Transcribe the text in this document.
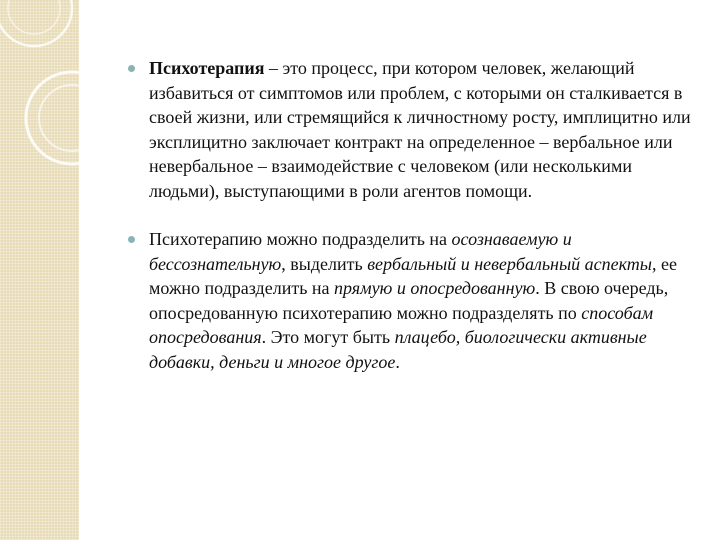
Психотерапия – это процесс, при котором человек, желающий избавиться от симптомов или проблем, с которыми он сталкивается в своей жизни, или стремящийся к личностному росту, имплицитно или эксплицитно заключает контракт на определенное – вербальное или невербальное – взаимодействие с человеком (или несколькими людьми), выступающими в роли агентов помощи.

Психотерапию можно подразделить на осознаваемую и бессознательную, выделить вербальный и невербальный аспекты, ее можно подразделить на прямую и опосредованную. В свою очередь, опосредованную психотерапию можно подразделять по способам опосредования. Это могут быть плацебо, биологически активные добавки, деньги и многое другое.
